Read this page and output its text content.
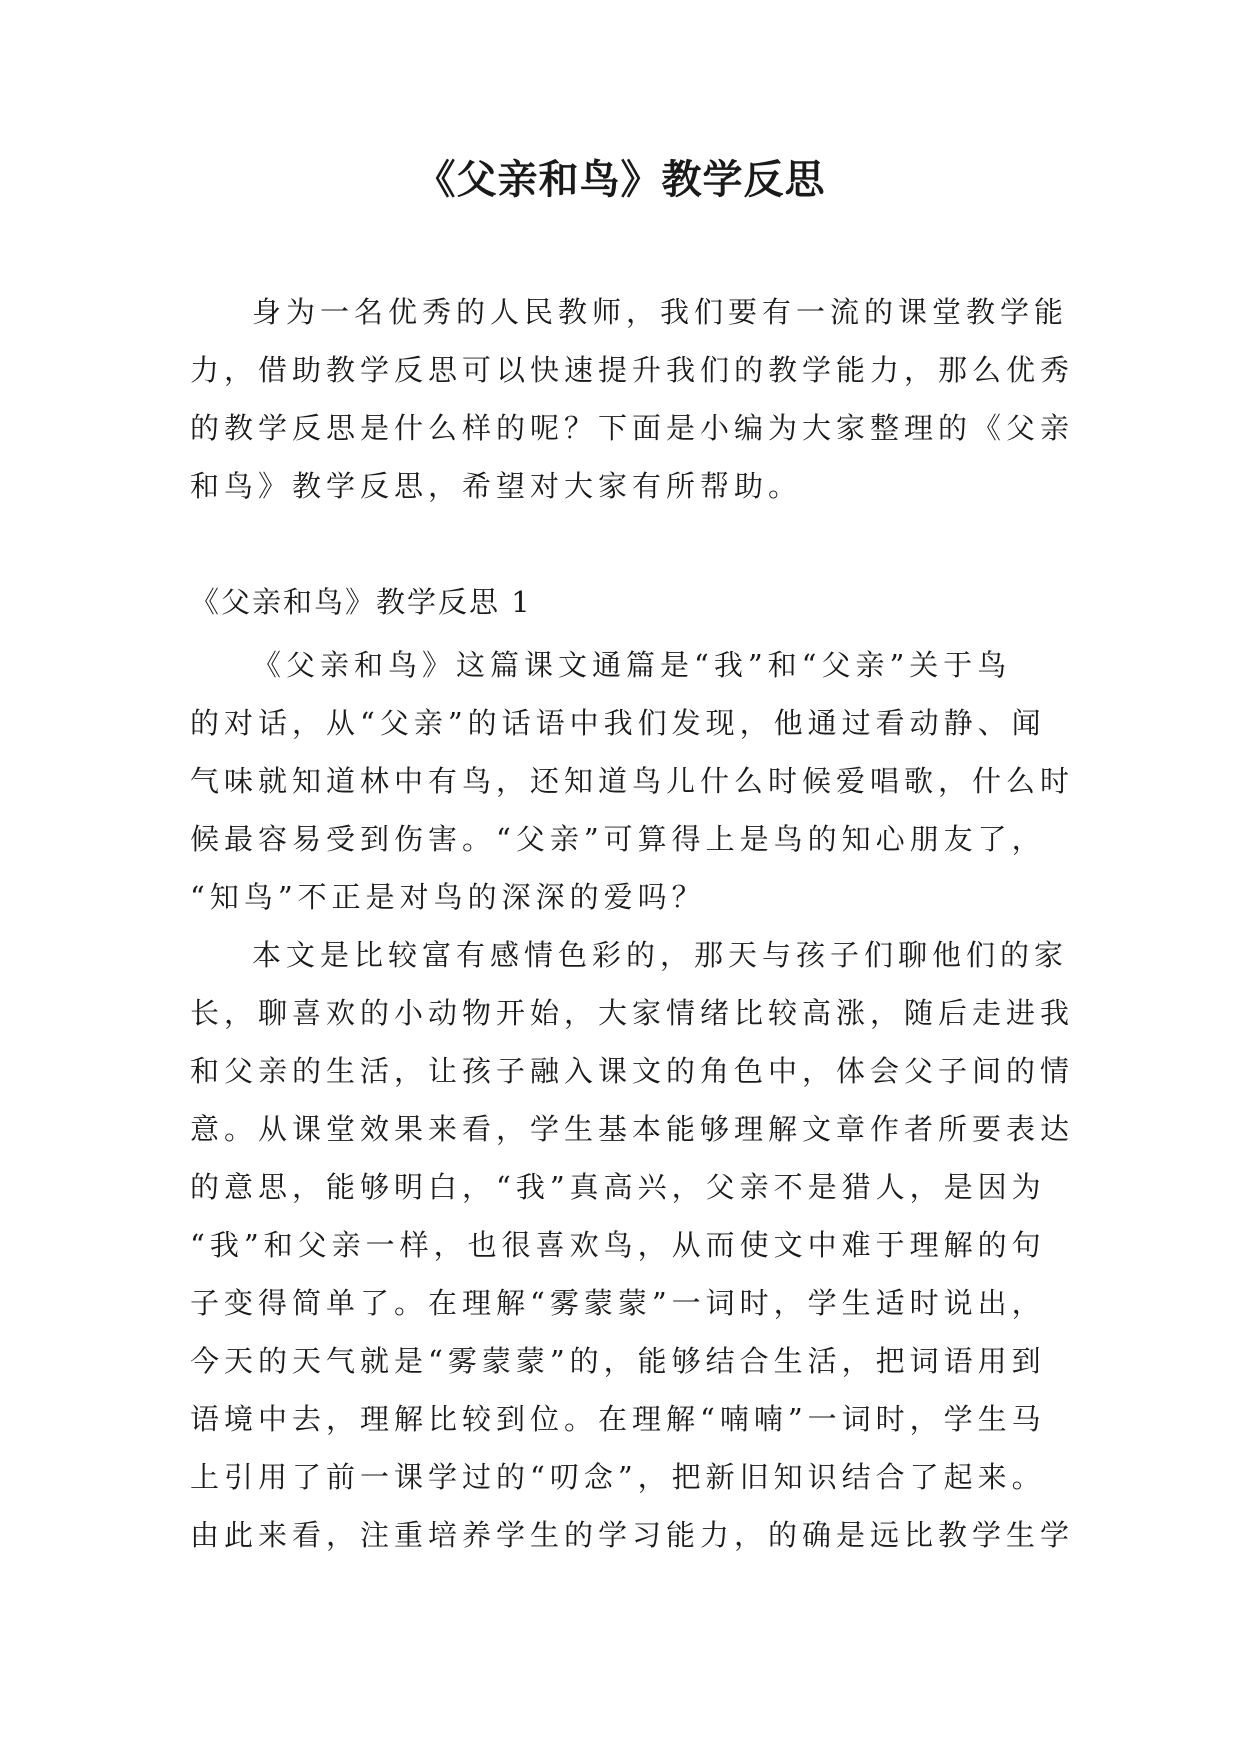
《父亲和鸟》教学反思

身为一名优秀的人民教师，我们要有一流的课堂教学能
力，借助教学反思可以快速提升我们的教学能力，那么优秀
的教学反思是什么样的呢？下面是小编为大家整理的《父亲
和鸟》教学反思，希望对大家有所帮助。

《父亲和鸟》教学反思 1
《父亲和鸟》这篇课文通篇是“我”和“父亲”关于鸟
的对话，从“父亲”的话语中我们发现，他通过看动静、闻
气味就知道林中有鸟，还知道鸟儿什么时候爱唱歌，什么时
候最容易受到伤害。“父亲”可算得上是鸟的知心朋友了，
“知鸟”不正是对鸟的深深的爱吗？
本文是比较富有感情色彩的，那天与孩子们聊他们的家
长，聊喜欢的小动物开始，大家情绪比较高涨，随后走进我
和父亲的生活，让孩子融入课文的角色中，体会父子间的情
意。从课堂效果来看，学生基本能够理解文章作者所要表达
的意思，能够明白，“我”真高兴，父亲不是猎人，是因为
“我”和父亲一样，也很喜欢鸟，从而使文中难于理解的句
子变得简单了。在理解“雾蒙蒙”一词时，学生适时说出，
今天的天气就是“雾蒙蒙”的，能够结合生活，把词语用到
语境中去，理解比较到位。在理解“喃喃”一词时，学生马
上引用了前一课学过的“叨念”，把新旧知识结合了起来。
由此来看，注重培养学生的学习能力，的确是远比教学生学
